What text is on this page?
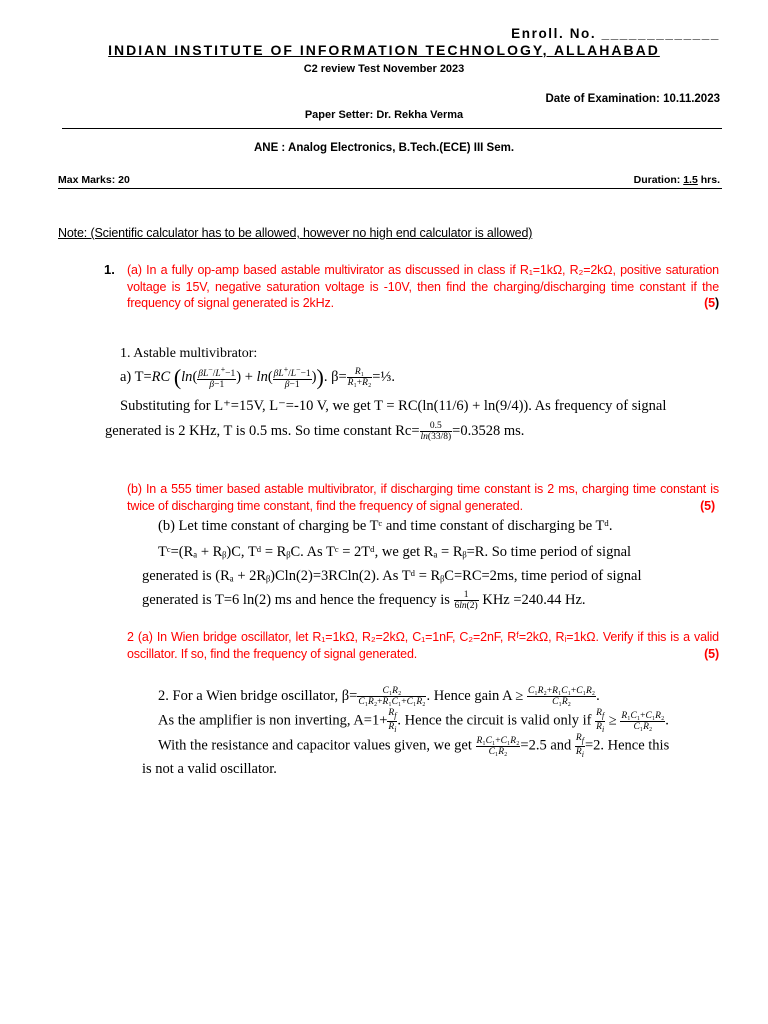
Enroll. No. _____________
INDIAN INSTITUTE OF INFORMATION TECHNOLOGY, ALLAHABAD
C2 review Test November 2023
Date of Examination: 10.11.2023
Paper Setter: Dr. Rekha Verma
ANE : Analog Electronics, B.Tech.(ECE) III Sem.
Max Marks: 20	Duration: 1.5 hrs.
Note: (Scientific calculator has to be allowed, however no high end calculator is allowed)
1. (a) In a fully op-amp based astable multivirator as discussed in class if R₁=1kΩ, R₂=2kΩ, positive saturation voltage is 15V, negative saturation voltage is -10V, then find the charging/discharging time constant if the frequency of signal generated is 2kHz.	(5)
1. Astable multivibrator:
a) T=RC ($\ln( \frac{\beta L^-/L^+-1}{\beta-1}$ ) + $\ln( \frac{\beta L^+/L^--1}{\beta-1}$ )). $\beta= \frac{\text{R₁}}{\text{R₁+R₂}}$ =⅓.
Substituting for L⁺=15V, L⁻=-10 V, we get T = RC(ln(11/6) + ln(9/4)). As frequency of signal
generated is 2 KHz, T is 0.5 ms. So time constant $Rc= \frac{0.5}{\ln(33/8)} =0.3528$ ms.
(b) In a 555 timer based astable multivibrator, if discharging time constant is 2 ms, charging time constant is twice of discharging time constant, find the frequency of signal generated.	(5)
(b) Let time constant of charging be Tᶜ and time constant of discharging be Tᵈ.
Tᶜ=(Rₐ + Rᵦ)C, Tᵈ = RᵦC. As Tᶜ = 2Tᵈ, we get Rₐ = Rᵦ=R. So time period of signal
generated is (Rₐ + 2Rᵦ)Cln(2)=3RCln(2). As Tᵈ = RᵦC=RC=2ms, time period of signal
generated is T=6 ln(2) ms and hence the frequency is $\frac{1}{6\ln(2)}$ KHz =240.44 Hz.
2 (a) In Wien bridge oscillator, let R₁=1kΩ, R₂=2kΩ, C₁=1nF, C₂=2nF, Rᶠ=2kΩ, Rᵢ=1kΩ. Verify if this is a valid oscillator. If so, find the frequency of signal generated.	(5)
2. For a Wien bridge oscillator, $\beta= \frac{\text{C₁R₂}}{\text{C₁R₂+R₁C₁+C₁R₂}}$ . Hence gain $A \ge \frac{\text{C₁R₂+R₁C₁+C₁R₂}}{\text{C₁R₂}}$ .
As the amplifier is non inverting, $A=1+ \frac{R_f}{R_i}$ . Hence the circuit is valid only if $\frac{R_f}{R_i} \ge \frac{\text{R₁C₁+C₁R₂}}{\text{C₁R₂}}$ .
With the resistance and capacitor values given, we get $\frac{\text{R₁C₁+C₁R₂}}{\text{C₁R₂}} =2.5$ and $\frac{R_f}{R_i} =2$. Hence this
is not a valid oscillator.
